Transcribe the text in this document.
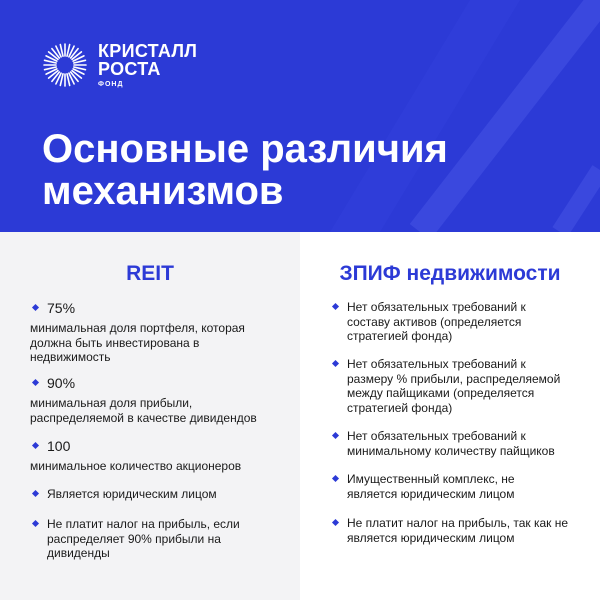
КРИСТАЛЛ
РОСТА
ФОНД
Основные различия механизмов
REIT
75%
минимальная доля портфеля, которая должна быть инвестирована в недвижимость
90%
минимальная доля прибыли, распределяемой в качестве дивидендов
100
минимальное количество акционеров
Является юридическим лицом
Не платит налог на прибыль, если распределяет 90% прибыли на дивиденды
ЗПИФ недвижимости
Нет обязательных требований к составу активов (определяется стратегией фонда)
Нет обязательных требований к размеру % прибыли, распределяемой между пайщиками (определяется стратегией фонда)
Нет обязательных требований к минимальному количеству пайщиков
Имущественный комплекс, не является юридическим лицом
Не платит налог на прибыль, так как не является юридическим лицом
